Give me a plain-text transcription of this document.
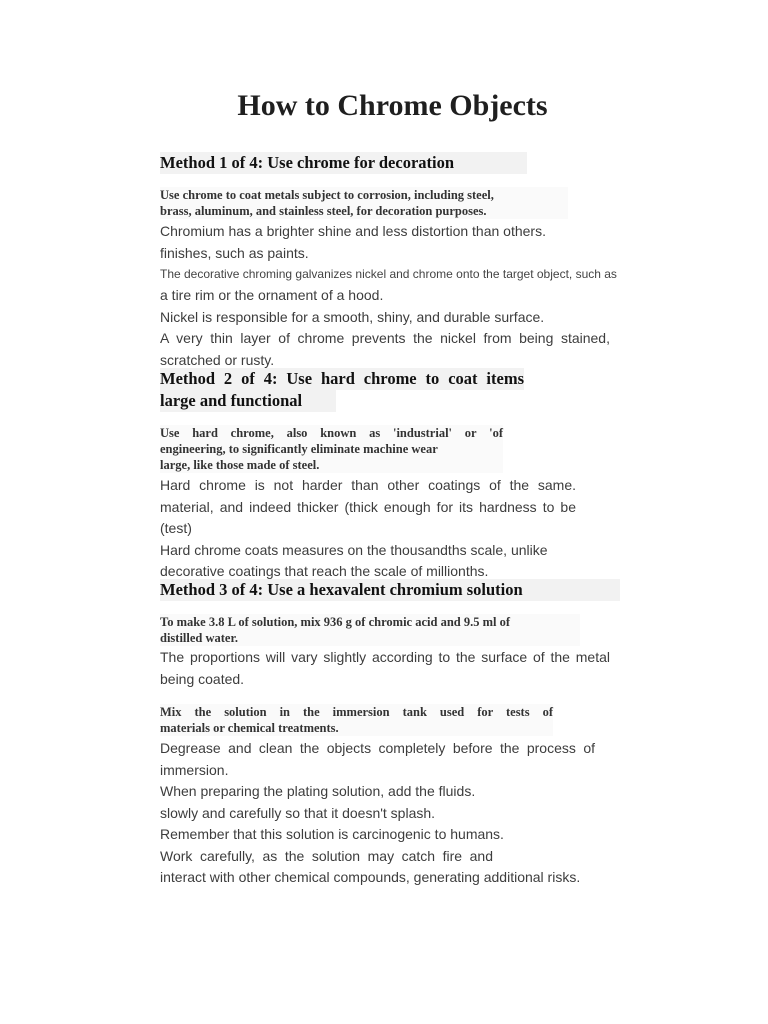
How to Chrome Objects
Method 1 of 4: Use chrome for decoration

Use chrome to coat metals subject to corrosion, including steel,
brass, aluminum, and stainless steel, for decoration purposes.

Chromium has a brighter shine and less distortion than others.
finishes, such as paints.

The decorative chroming galvanizes nickel and chrome onto the target object, such as

a tire rim or the ornament of a hood.
Nickel is responsible for a smooth, shiny, and durable surface.
A very thin layer of chrome prevents the nickel from being stained,
scratched or rusty.

Method 2 of 4: Use hard chrome to coat items
large and functional

Use hard chrome, also known as 'industrial' or 'of
engineering, to significantly eliminate machine wear
large, like those made of steel.

Hard chrome is not harder than other coatings of the same.
material, and indeed thicker (thick enough for its hardness to be
(test)
Hard chrome coats measures on the thousandths scale, unlike
decorative coatings that reach the scale of millionths.

Method 3 of 4: Use a hexavalent chromium solution

To make 3.8 L of solution, mix 936 g of chromic acid and 9.5 ml of
distilled water.

The proportions will vary slightly according to the surface of the metal
being coated.

Mix the solution in the immersion tank used for tests of
materials or chemical treatments.

Degrease and clean the objects completely before the process of
immersion.
When preparing the plating solution, add the fluids.
slowly and carefully so that it doesn't splash.
Remember that this solution is carcinogenic to humans.
Work carefully, as the solution may catch fire and
interact with other chemical compounds, generating additional risks.
